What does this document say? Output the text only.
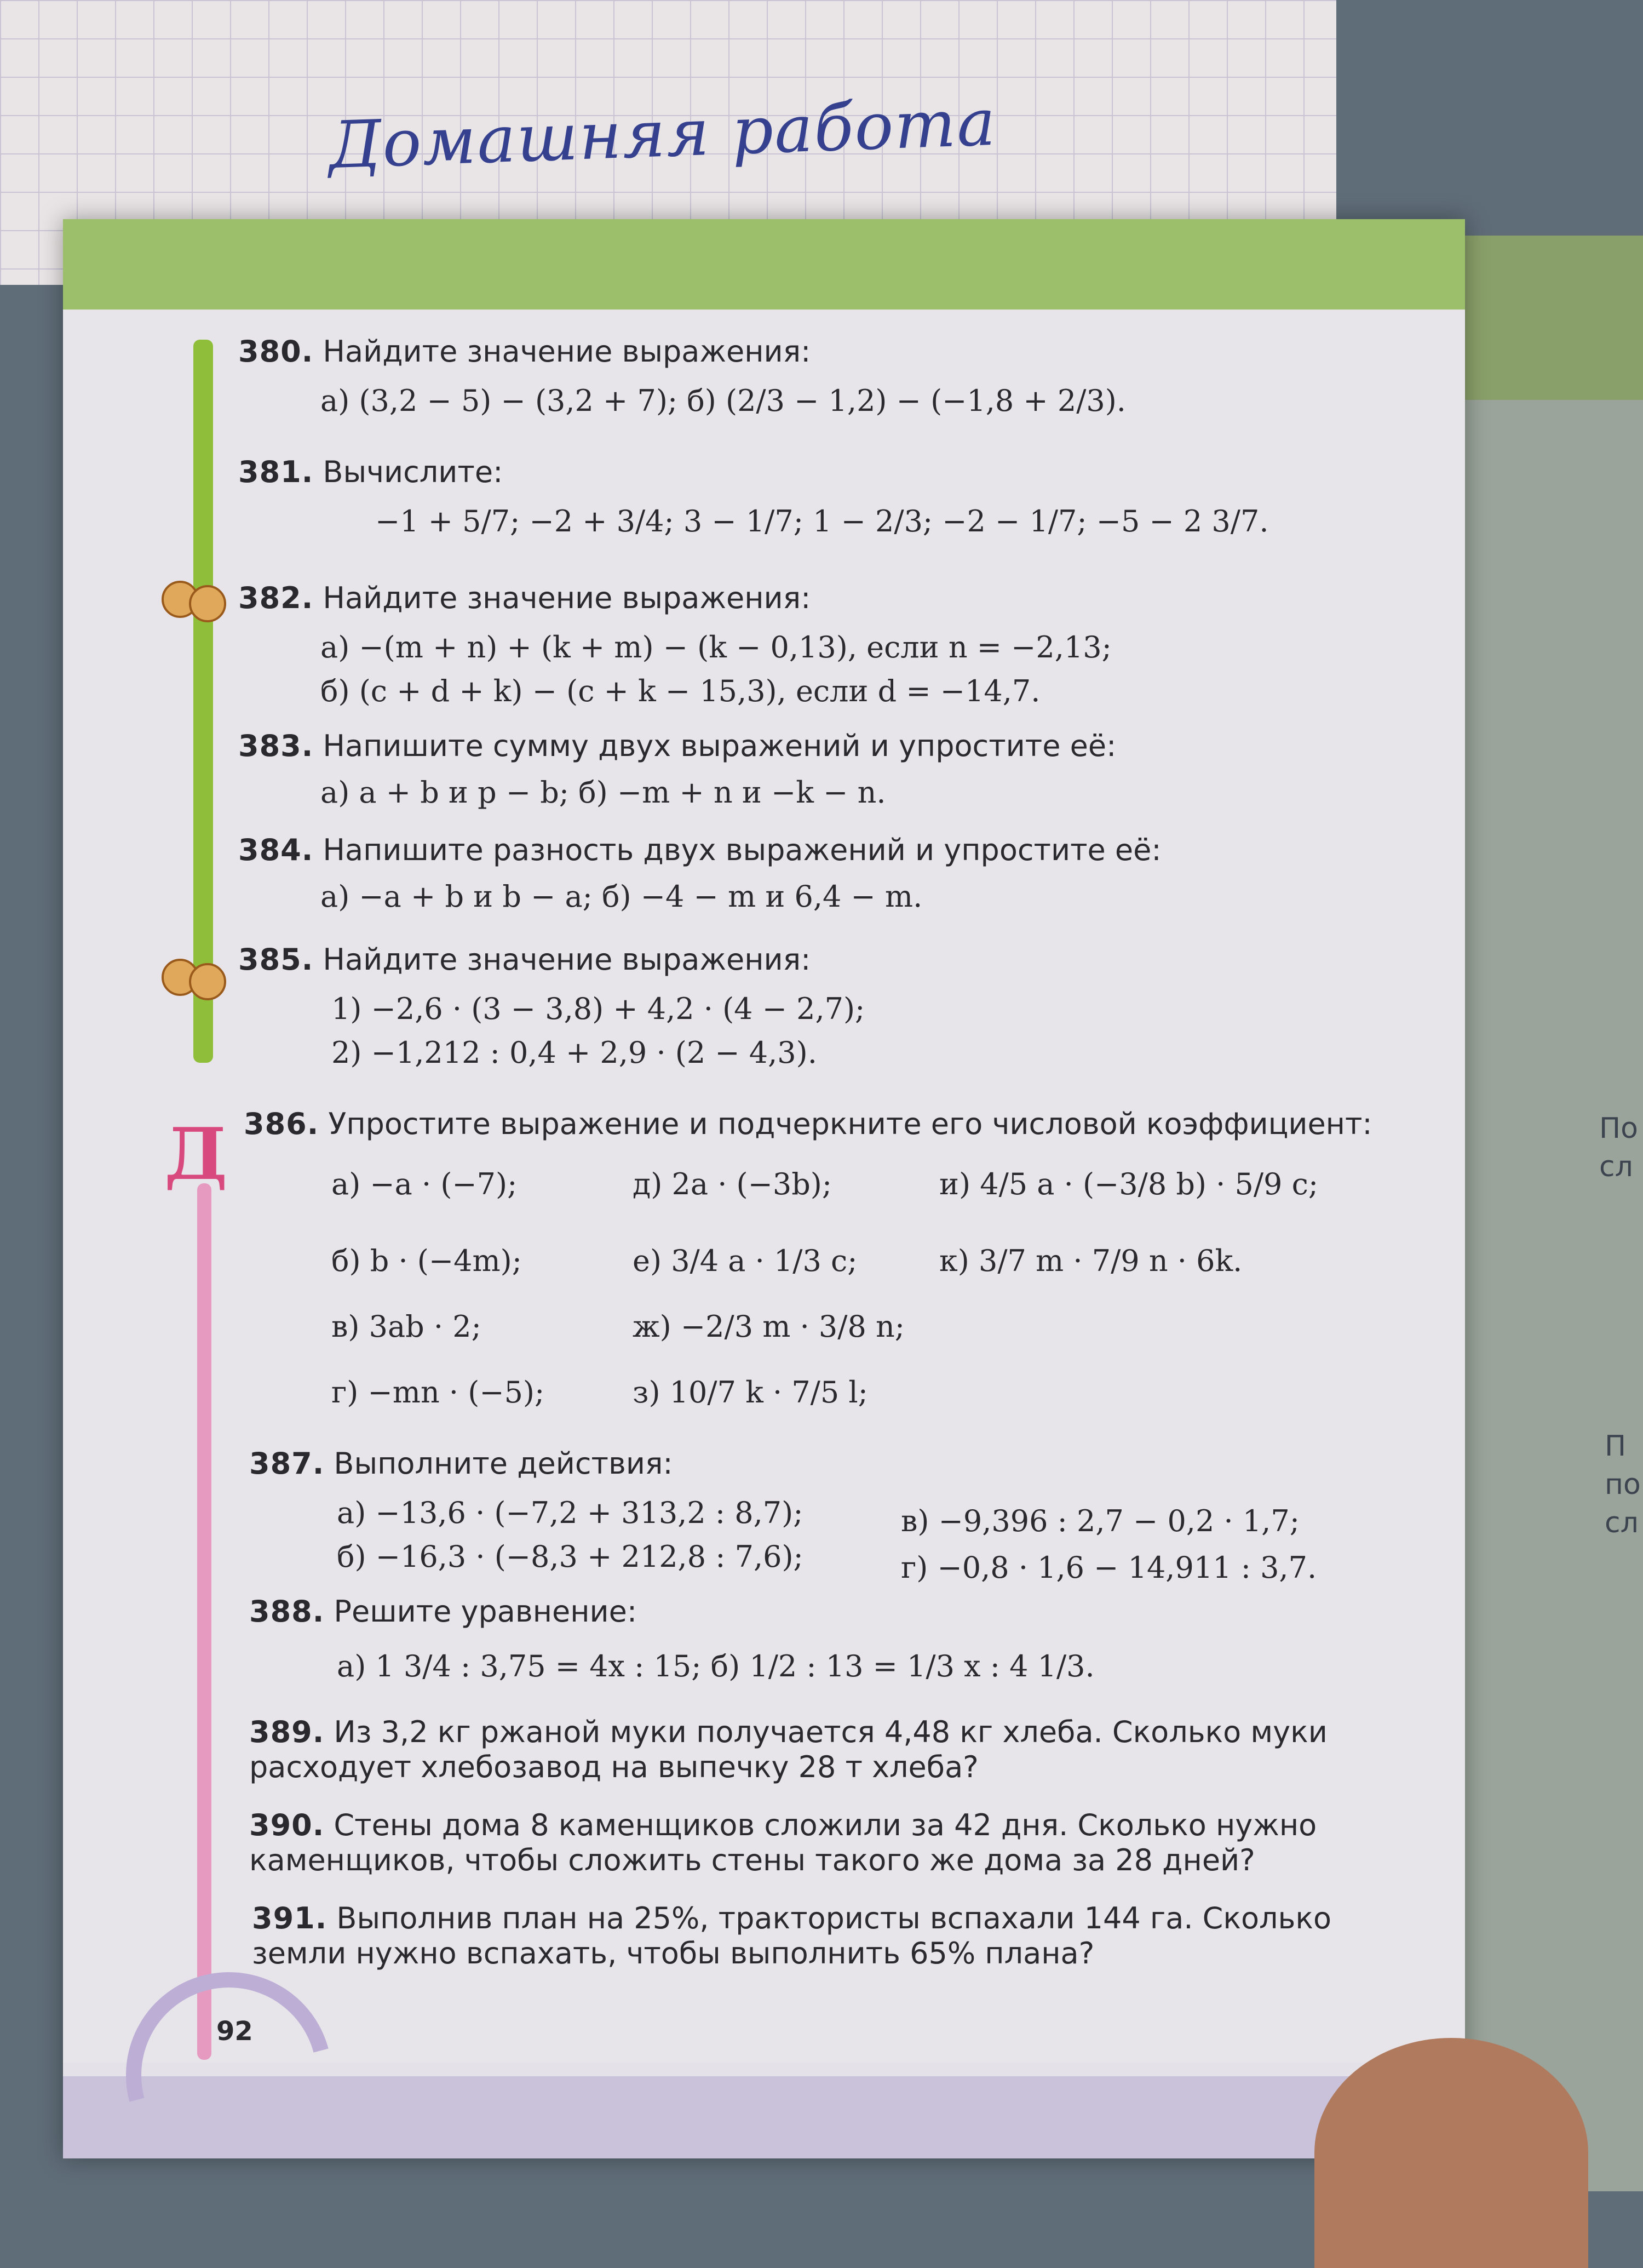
Домашняя работа
По
сл
П
по
сл
Д
380. Найдите значение выражения:
а) (3,2 − 5) − (3,2 + 7); б) (2/3 − 1,2) − (−1,8 + 2/3).
381. Вычислите:
−1 + 5/7; −2 + 3/4; 3 − 1/7; 1 − 2/3; −2 − 1/7; −5 − 2 3/7.
382. Найдите значение выражения:
а) −(m + n) + (k + m) − (k − 0,13), если n = −2,13;
б) (c + d + k) − (c + k − 15,3), если d = −14,7.
383. Напишите сумму двух выражений и упростите её:
а) a + b и p − b; б) −m + n и −k − n.
384. Напишите разность двух выражений и упростите её:
а) −a + b и b − a; б) −4 − m и 6,4 − m.
385. Найдите значение выражения:
1) −2,6 · (3 − 3,8) + 4,2 · (4 − 2,7);
2) −1,212 : 0,4 + 2,9 · (2 − 4,3).
386. Упростите выражение и подчеркните его числовой коэффициент:
а) −a · (−7);	д) 2a · (−3b);	и) 4/5 a · (−3/8 b) · 5/9 c;
б) b · (−4m);	е) 3/4 a · 1/3 c;	к) 3/7 m · 7/9 n · 6k.
в) 3ab · 2;	ж) −2/3 m · 3/8 n;
г) −mn · (−5);	з) 10/7 k · 7/5 l;
387. Выполните действия:
а) −13,6 · (−7,2 + 313,2 : 8,7);	в) −9,396 : 2,7 − 0,2 · 1,7;
б) −16,3 · (−8,3 + 212,8 : 7,6);	г) −0,8 · 1,6 − 14,911 : 3,7.
388. Решите уравнение:
а) 1 3/4 : 3,75 = 4x : 15; б) 1/2 : 13 = 1/3 x : 4 1/3.
389. Из 3,2 кг ржаной муки получается 4,48 кг хлеба. Сколько муки расходует хлебозавод на выпечку 28 т хлеба?
390. Стены дома 8 каменщиков сложили за 42 дня. Сколько нужно каменщиков, чтобы сложить стены такого же дома за 28 дней?
391. Выполнив план на 25%, трактористы вспахали 144 га. Сколько земли нужно вспахать, чтобы выполнить 65% плана?
92
